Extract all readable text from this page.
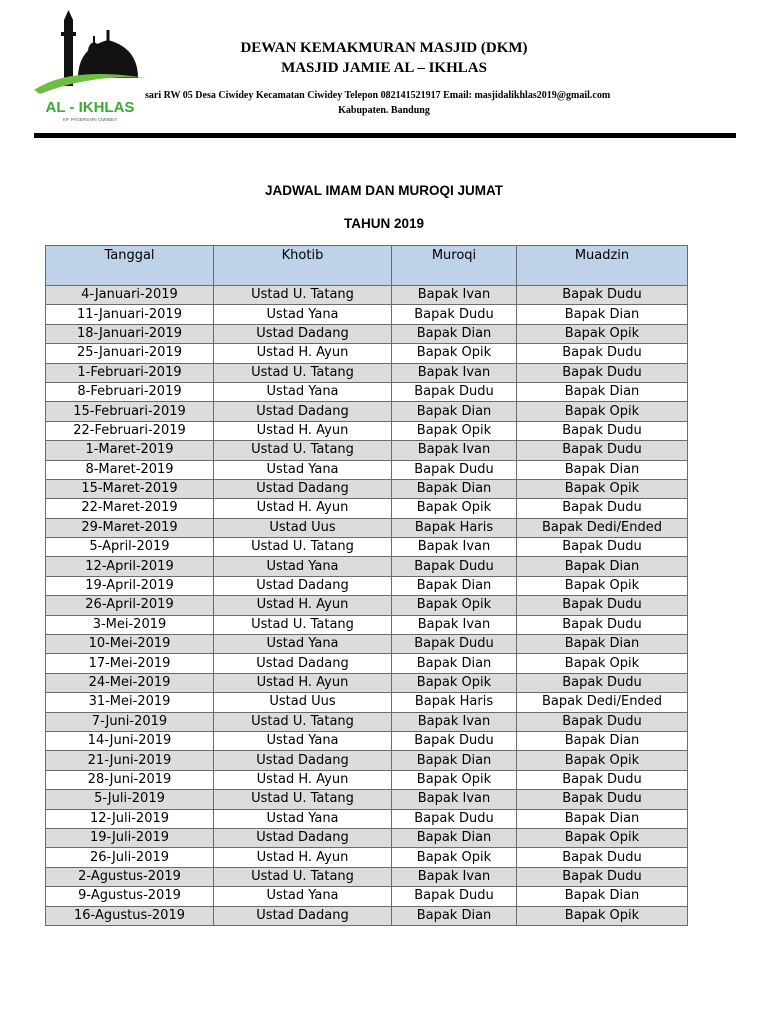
AL - IKHLAS
KP. PAGERSARI CIWIDEY
DEWAN KEMAKMURAN MASJID (DKM)
MASJID JAMIE AL – IKHLAS
sari RW 05 Desa Ciwidey Kecamatan Ciwidey Telepon 082141521917 Email: masjidalikhlas2019@gmail.com
Kabupaten. Bandung
JADWAL IMAM DAN MUROQI JUMAT
TAHUN 2019
Tanggal	Khotib	Muroqi	Muadzin
4-Januari-2019	Ustad U. Tatang	Bapak Ivan	Bapak Dudu
11-Januari-2019	Ustad Yana	Bapak Dudu	Bapak Dian
18-Januari-2019	Ustad Dadang	Bapak Dian	Bapak Opik
25-Januari-2019	Ustad H. Ayun	Bapak Opik	Bapak Dudu
1-Februari-2019	Ustad U. Tatang	Bapak Ivan	Bapak Dudu
8-Februari-2019	Ustad Yana	Bapak Dudu	Bapak Dian
15-Februari-2019	Ustad Dadang	Bapak Dian	Bapak Opik
22-Februari-2019	Ustad H. Ayun	Bapak Opik	Bapak Dudu
1-Maret-2019	Ustad U. Tatang	Bapak Ivan	Bapak Dudu
8-Maret-2019	Ustad Yana	Bapak Dudu	Bapak Dian
15-Maret-2019	Ustad Dadang	Bapak Dian	Bapak Opik
22-Maret-2019	Ustad H. Ayun	Bapak Opik	Bapak Dudu
29-Maret-2019	Ustad Uus	Bapak Haris	Bapak Dedi/Ended
5-April-2019	Ustad U. Tatang	Bapak Ivan	Bapak Dudu
12-April-2019	Ustad Yana	Bapak Dudu	Bapak Dian
19-April-2019	Ustad Dadang	Bapak Dian	Bapak Opik
26-April-2019	Ustad H. Ayun	Bapak Opik	Bapak Dudu
3-Mei-2019	Ustad U. Tatang	Bapak Ivan	Bapak Dudu
10-Mei-2019	Ustad Yana	Bapak Dudu	Bapak Dian
17-Mei-2019	Ustad Dadang	Bapak Dian	Bapak Opik
24-Mei-2019	Ustad H. Ayun	Bapak Opik	Bapak Dudu
31-Mei-2019	Ustad Uus	Bapak Haris	Bapak Dedi/Ended
7-Juni-2019	Ustad U. Tatang	Bapak Ivan	Bapak Dudu
14-Juni-2019	Ustad Yana	Bapak Dudu	Bapak Dian
21-Juni-2019	Ustad Dadang	Bapak Dian	Bapak Opik
28-Juni-2019	Ustad H. Ayun	Bapak Opik	Bapak Dudu
5-Juli-2019	Ustad U. Tatang	Bapak Ivan	Bapak Dudu
12-Juli-2019	Ustad Yana	Bapak Dudu	Bapak Dian
19-Juli-2019	Ustad Dadang	Bapak Dian	Bapak Opik
26-Juli-2019	Ustad H. Ayun	Bapak Opik	Bapak Dudu
2-Agustus-2019	Ustad U. Tatang	Bapak Ivan	Bapak Dudu
9-Agustus-2019	Ustad Yana	Bapak Dudu	Bapak Dian
16-Agustus-2019	Ustad Dadang	Bapak Dian	Bapak Opik
